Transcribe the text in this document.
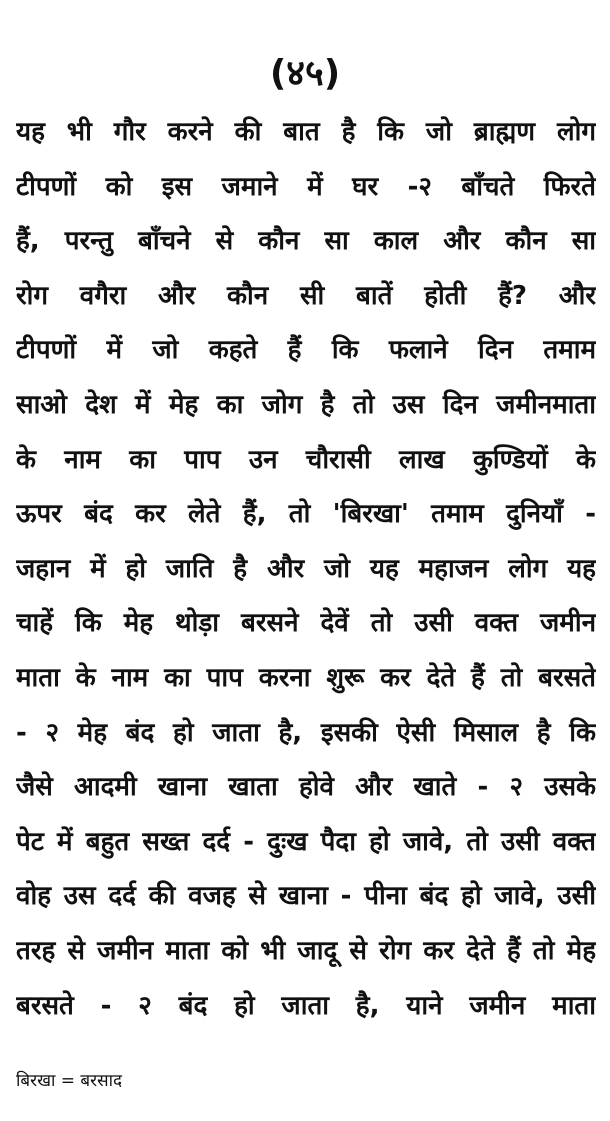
(४५)
यह भी गौर करने की बात है कि जो ब्राह्मण लोग
टीपणों को इस जमाने में घर -२ बाँचते फिरते
हैं, परन्तु बाँचने से कौन सा काल और कौन सा
रोग वगैरा और कौन सी बातें होती हैं? और
टीपणों में जो कहते हैं कि फलाने दिन तमाम
साओ देश में मेह का जोग है तो उस दिन जमीनमाता
के नाम का पाप उन चौरासी लाख कुण्डियों के
ऊपर बंद कर लेते हैं, तो 'बिरखा' तमाम दुनियाँ -
जहान में हो जाति है और जो यह महाजन लोग यह
चाहें कि मेह थोड़ा बरसने देवें तो उसी वक्त जमीन
माता के नाम का पाप करना शुरू कर देते हैं तो बरसते
- २ मेह बंद हो जाता है, इसकी ऐसी मिसाल है कि
जैसे आदमी खाना खाता होवे और खाते - २ उसके
पेट में बहुत सख्त दर्द - दुःख पैदा हो जावे, तो उसी वक्त
वोह उस दर्द की वजह से खाना - पीना बंद हो जावे, उसी
तरह से जमीन माता को भी जादू से रोग कर देते हैं तो मेह
बरसते - २ बंद हो जाता है, याने जमीन माता
बिरखा = बरसाद
